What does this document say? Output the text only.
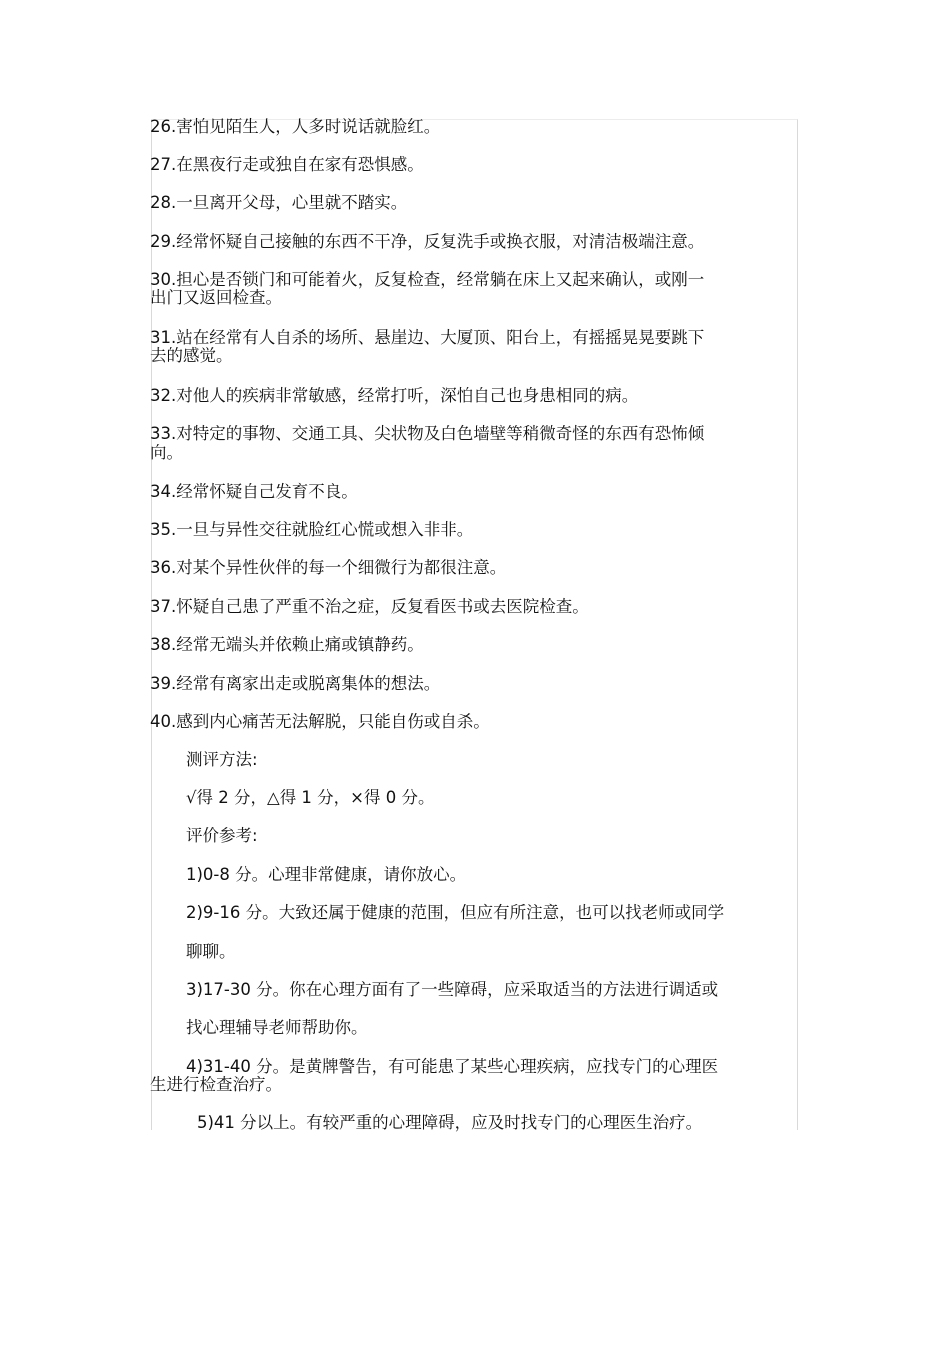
26.害怕见陌生人，人多时说话就脸红。
27.在黑夜行走或独自在家有恐惧感。
28.一旦离开父母，心里就不踏实。
29.经常怀疑自己接触的东西不干净，反复洗手或换衣服，对清洁极端注意。
30.担心是否锁门和可能着火，反复检查，经常躺在床上又起来确认，或刚一
出门又返回检查。
31.站在经常有人自杀的场所、悬崖边、大厦顶、阳台上，有摇摇晃晃要跳下
去的感觉。
32.对他人的疾病非常敏感，经常打听，深怕自己也身患相同的病。
33.对特定的事物、交通工具、尖状物及白色墙壁等稍微奇怪的东西有恐怖倾
向。
34.经常怀疑自己发育不良。
35.一旦与异性交往就脸红心慌或想入非非。
36.对某个异性伙伴的每一个细微行为都很注意。
37.怀疑自己患了严重不治之症，反复看医书或去医院检查。
38.经常无端头并依赖止痛或镇静药。
39.经常有离家出走或脱离集体的想法。
40.感到内心痛苦无法解脱，只能自伤或自杀。
测评方法:
√得 2 分，△得 1 分，×得 0 分。
评价参考:
1)0-8 分。心理非常健康，请你放心。
2)9-16 分。大致还属于健康的范围，但应有所注意，也可以找老师或同学
聊聊。
3)17-30 分。你在心理方面有了一些障碍，应采取适当的方法进行调适或
找心理辅导老师帮助你。
4)31-40 分。是黄牌警告，有可能患了某些心理疾病，应找专门的心理医
生进行检查治疗。
5)41 分以上。有较严重的心理障碍，应及时找专门的心理医生治疗。
